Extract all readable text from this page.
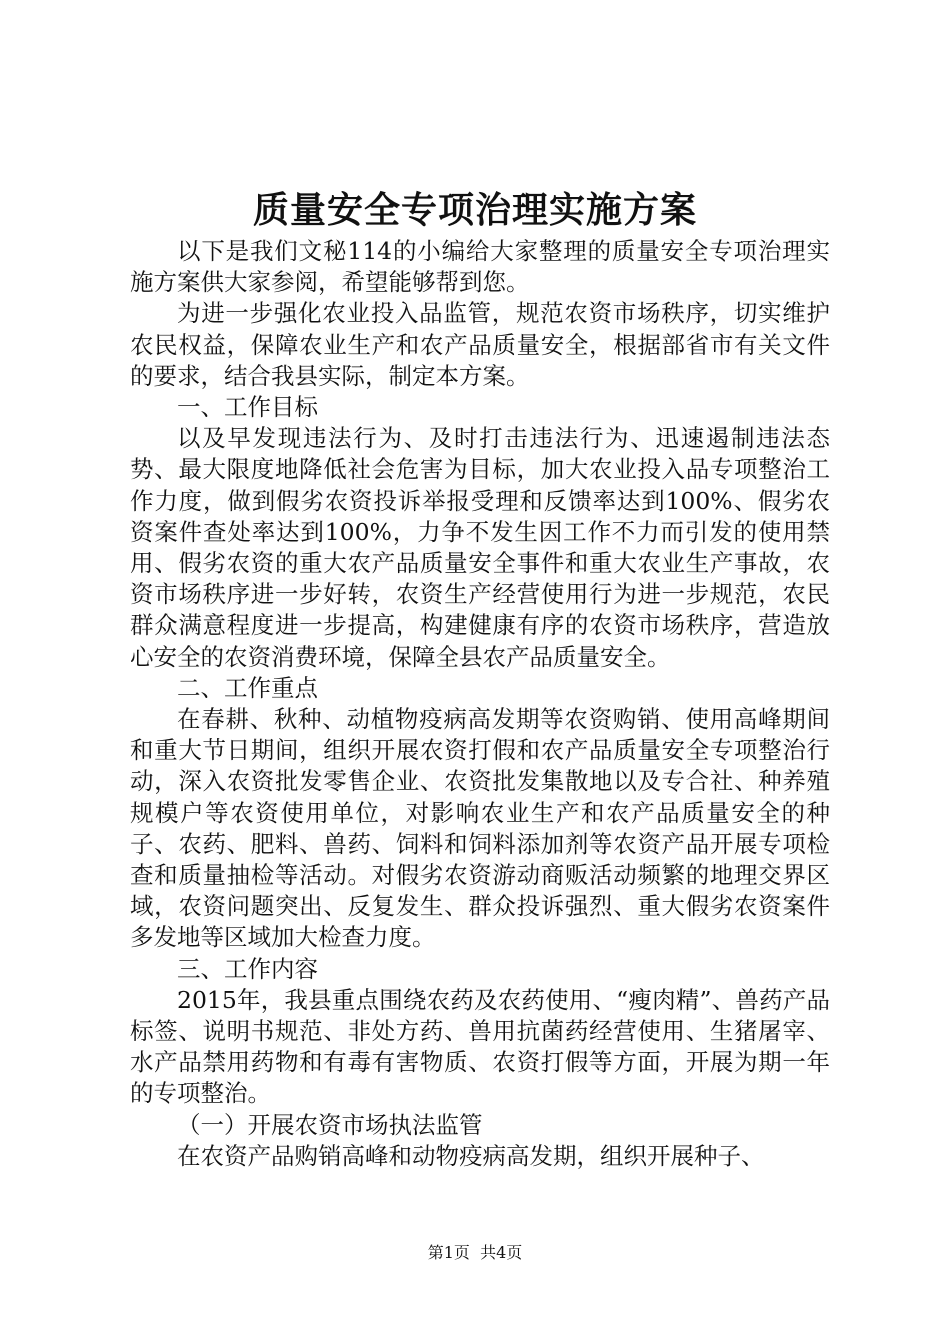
质量安全专项治理实施方案

以下是我们文秘114的小编给大家整理的质量安全专项治理实施方案供大家参阅，希望能够帮到您。

为进一步强化农业投入品监管，规范农资市场秩序，切实维护农民权益，保障农业生产和农产品质量安全，根据部省市有关文件的要求，结合我县实际，制定本方案。

一、工作目标

以及早发现违法行为、及时打击违法行为、迅速遏制违法态势、最大限度地降低社会危害为目标，加大农业投入品专项整治工作力度，做到假劣农资投诉举报受理和反馈率达到100%、假劣农资案件查处率达到100%，力争不发生因工作不力而引发的使用禁用、假劣农资的重大农产品质量安全事件和重大农业生产事故，农资市场秩序进一步好转，农资生产经营使用行为进一步规范，农民群众满意程度进一步提高，构建健康有序的农资市场秩序，营造放心安全的农资消费环境，保障全县农产品质量安全。

二、工作重点

在春耕、秋种、动植物疫病高发期等农资购销、使用高峰期间和重大节日期间，组织开展农资打假和农产品质量安全专项整治行动，深入农资批发零售企业、农资批发集散地以及专合社、种养殖规模户等农资使用单位，对影响农业生产和农产品质量安全的种子、农药、肥料、兽药、饲料和饲料添加剂等农资产品开展专项检查和质量抽检等活动。对假劣农资游动商贩活动频繁的地理交界区域，农资问题突出、反复发生、群众投诉强烈、重大假劣农资案件多发地等区域加大检查力度。

三、工作内容

2015年，我县重点围绕农药及农药使用、“瘦肉精”、兽药产品标签、说明书规范、非处方药、兽用抗菌药经营使用、生猪屠宰、水产品禁用药物和有毒有害物质、农资打假等方面，开展为期一年的专项整治。

（一）开展农资市场执法监管

在农资产品购销高峰和动物疫病高发期，组织开展种子、

第1页  共4页
